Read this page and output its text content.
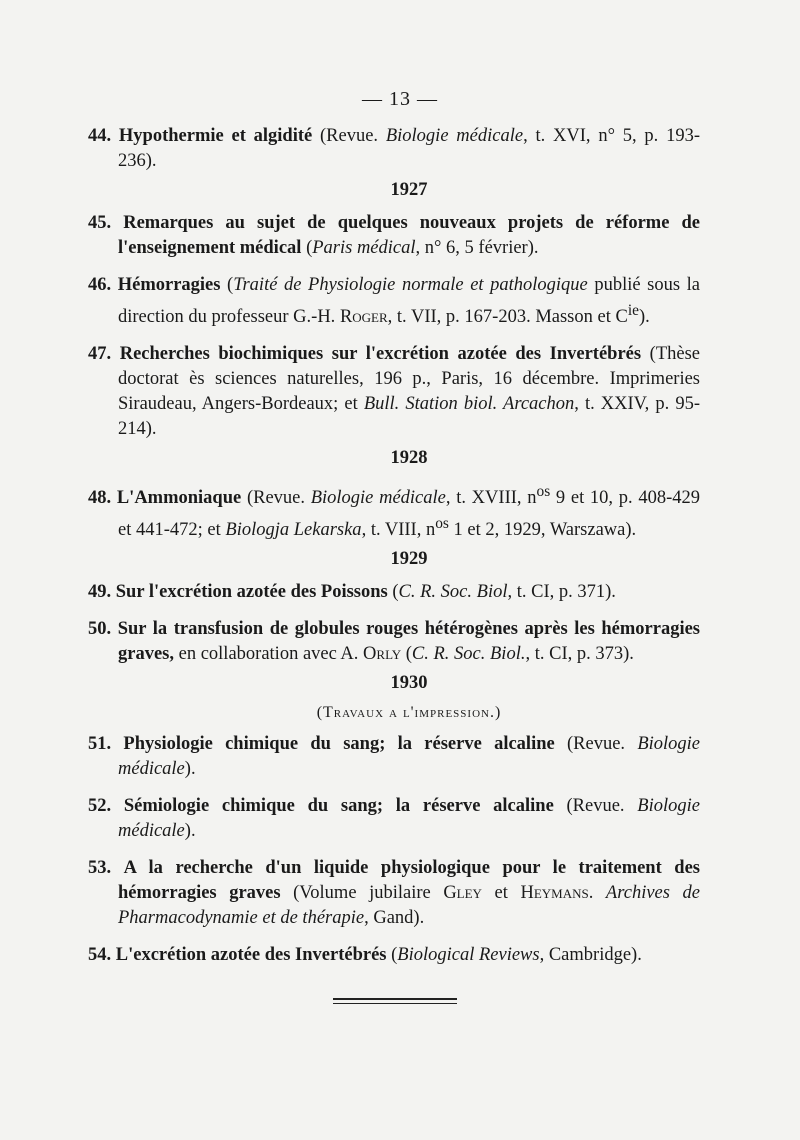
— 13 —

44. Hypothermie et algidité (Revue. Biologie médicale, t. XVI, n° 5, p. 193-236).

1927

45. Remarques au sujet de quelques nouveaux projets de réforme de l'enseignement médical (Paris médical, n° 6, 5 février).

46. Hémorragies (Traité de Physiologie normale et pathologique publié sous la direction du professeur G.-H. Roger, t. VII, p. 167-203. Masson et $C^{ie}$).

47. Recherches biochimiques sur l'excrétion azotée des Invertébrés (Thèse doctorat ès sciences naturelles, 196 p., Paris, 16 décembre. Imprimeries Siraudeau, Angers-Bordeaux; et Bull. Station biol. Arcachon, t. XXIV, p. 95-214).

1928

48. L'Ammoniaque (Revue. Biologie médicale, t. XVIII, $n^{os}$ 9 et 10, p. 408-429 et 441-472; et Biologja Lekarska, t. VIII, $n^{os}$ 1 et 2, 1929, Warszawa).

1929

49. Sur l'excrétion azotée des Poissons (C. R. Soc. Biol, t. CI, p. 371).

50. Sur la transfusion de globules rouges hétérogènes après les hémorragies graves, en collaboration avec A. Orly (C. R. Soc. Biol., t. CI, p. 373).

1930
(Travaux a l'impression.)

51. Physiologie chimique du sang; la réserve alcaline (Revue. Biologie médicale).

52. Sémiologie chimique du sang; la réserve alcaline (Revue. Biologie médicale).

53. A la recherche d'un liquide physiologique pour le traitement des hémorragies graves (Volume jubilaire Gley et Heymans. Archives de Pharmacodynamie et de thérapie, Gand).

54. L'excrétion azotée des Invertébrés (Biological Reviews, Cambridge).
